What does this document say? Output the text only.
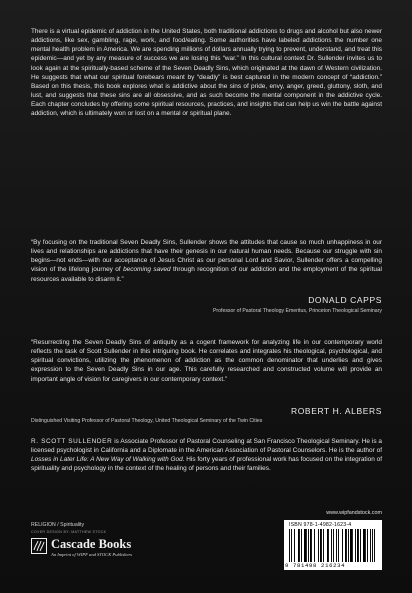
There is a virtual epidemic of addiction in the United States, both traditional addictions to drugs and alcohol but also newer addictions, like sex, gambling, rage, work, and food/eating. Some authorities have labeled addictions the number one mental health problem in America. We are spending millions of dollars annually trying to prevent, understand, and treat this epidemic—and yet by any measure of success we are losing this “war.” In this cultural context Dr. Sullender invites us to look again at the spiritually-based scheme of the Seven Deadly Sins, which originated at the dawn of Western civilization. He suggests that what our spiritual forebears meant by “deadly” is best captured in the modern concept of “addiction.” Based on this thesis, this book explores what is addictive about the sins of pride, envy, anger, greed, gluttony, sloth, and lust, and suggests that these sins are all obsessive, and as such become the mental component in the addictive cycle. Each chapter concludes by offering some spiritual resources, practices, and insights that can help us win the battle against addiction, which is ultimately won or lost on a mental or spiritual plane.

“By focusing on the traditional Seven Deadly Sins, Sullender shows the attitudes that cause so much unhappiness in our lives and relationships are addictions that have their genesis in our natural human needs. Because our struggle with sin begins—not ends—with our acceptance of Jesus Christ as our personal Lord and Savior, Sullender offers a compelling vision of the lifelong journey of becoming saved through recognition of our addiction and the employment of the spiritual resources available to disarm it.”

DONALD CAPPS
Professor of Pastoral Theology Emeritus, Princeton Theological Seminary

“Resurrecting the Seven Deadly Sins of antiquity as a cogent framework for analyzing life in our contemporary world reflects the task of Scott Sullender in this intriguing book. He correlates and integrates his theological, psychological, and spiritual convictions, utilizing the phenomenon of addiction as the common denominator that underlies and gives expression to the Seven Deadly Sins in our age. This carefully researched and constructed volume will provide an important angle of vision for caregivers in our contemporary context.”

ROBERT H. ALBERS
Distinguished Visiting Professor of Pastoral Theology, United Theological Seminary of the Twin Cities

R. SCOTT SULLENDER is Associate Professor of Pastoral Counseling at San Francisco Theological Seminary. He is a licensed psychologist in California and a Diplomate in the American Association of Pastoral Counselors. He is the author of Losses in Later Life: A New Way of Walking with God. His forty years of professional work has focused on the integration of spirituality and psychology in the context of the healing of persons and their families.

RELIGION / Spirituality
COVER DESIGN BY: MATTHEW STOCK
Cascade Books
An Imprint of WIPF and STOCK Publishers
www.wipfandstock.com
ISBN 978-1-4982-1623-4
9 781498 216234
